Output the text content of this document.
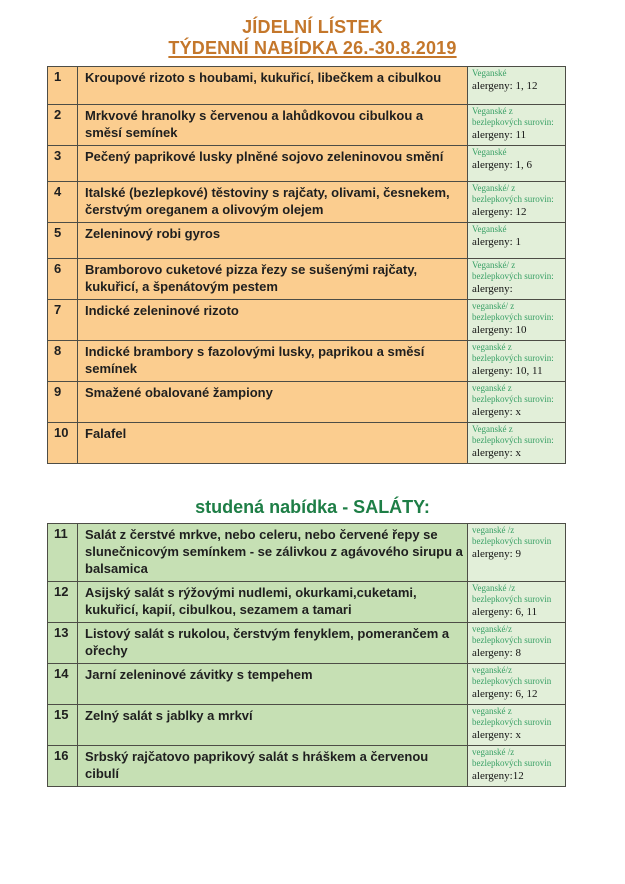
JÍDELNÍ LÍSTEK
TÝDENNÍ NABÍDKA 26.-30.8.2019
1	Kroupové rizoto s houbami, kukuřicí, libečkem a cibulkou	Veganské
alergeny: 1, 12

2	Mrkvové hranolky s červenou a lahůdkovou cibulkou a směsí semínek	Veganské z bezlepkových surovin:
alergeny: 11

3	Pečený paprikové lusky plněné sojovo zeleninovou smění	Veganské
alergeny: 1, 6

4	Italské (bezlepkové) těstoviny s rajčaty, olivami, česnekem, čerstvým oreganem a olivovým olejem	Veganské/ z bezlepkových surovin:
alergeny: 12

5	Zeleninový robi gyros	Veganské
alergeny: 1

6	Bramborovo cuketové pizza řezy se sušenými rajčaty, kukuřicí, a špenátovým pestem	Veganské/ z bezlepkových surovin:
alergeny:

7	Indické zeleninové rizoto	veganské/ z bezlepkových surovin:
alergeny: 10

8	Indické brambory s fazolovými lusky, paprikou a směsí semínek	veganské z bezlepkových surovin:
alergeny: 10, 11

9	Smažené obalované žampiony	veganské z bezlepkových surovin:
alergeny: x

10	Falafel	Veganské z bezlepkových surovin:
alergeny: x
studená nabídka - SALÁTY:
11	Salát z čerstvé mrkve, nebo celeru, nebo červené řepy se slunečnicovým semínkem - se zálivkou z agávového sirupu a balsamica	veganské /z bezlepkových surovin
alergeny: 9

12	Asijský salát s rýžovými nudlemi, okurkami,cuketami, kukuřicí, kapií, cibulkou, sezamem a tamari	Veganské /z bezlepkových surovin
alergeny: 6, 11

13	Listový salát s rukolou, čerstvým fenyklem, pomerančem a ořechy	veganské/z bezlepkových surovin
alergeny: 8

14	Jarní zeleninové závitky s tempehem	veganské/z bezlepkových surovin
alergeny: 6, 12

15	Zelný salát s jablky a mrkví	veganské z bezlepkových surovin
alergeny: x

16	Srbský rajčatovo paprikový salát s hráškem a červenou cibulí	veganské /z bezlepkových surovin
alergeny:12
